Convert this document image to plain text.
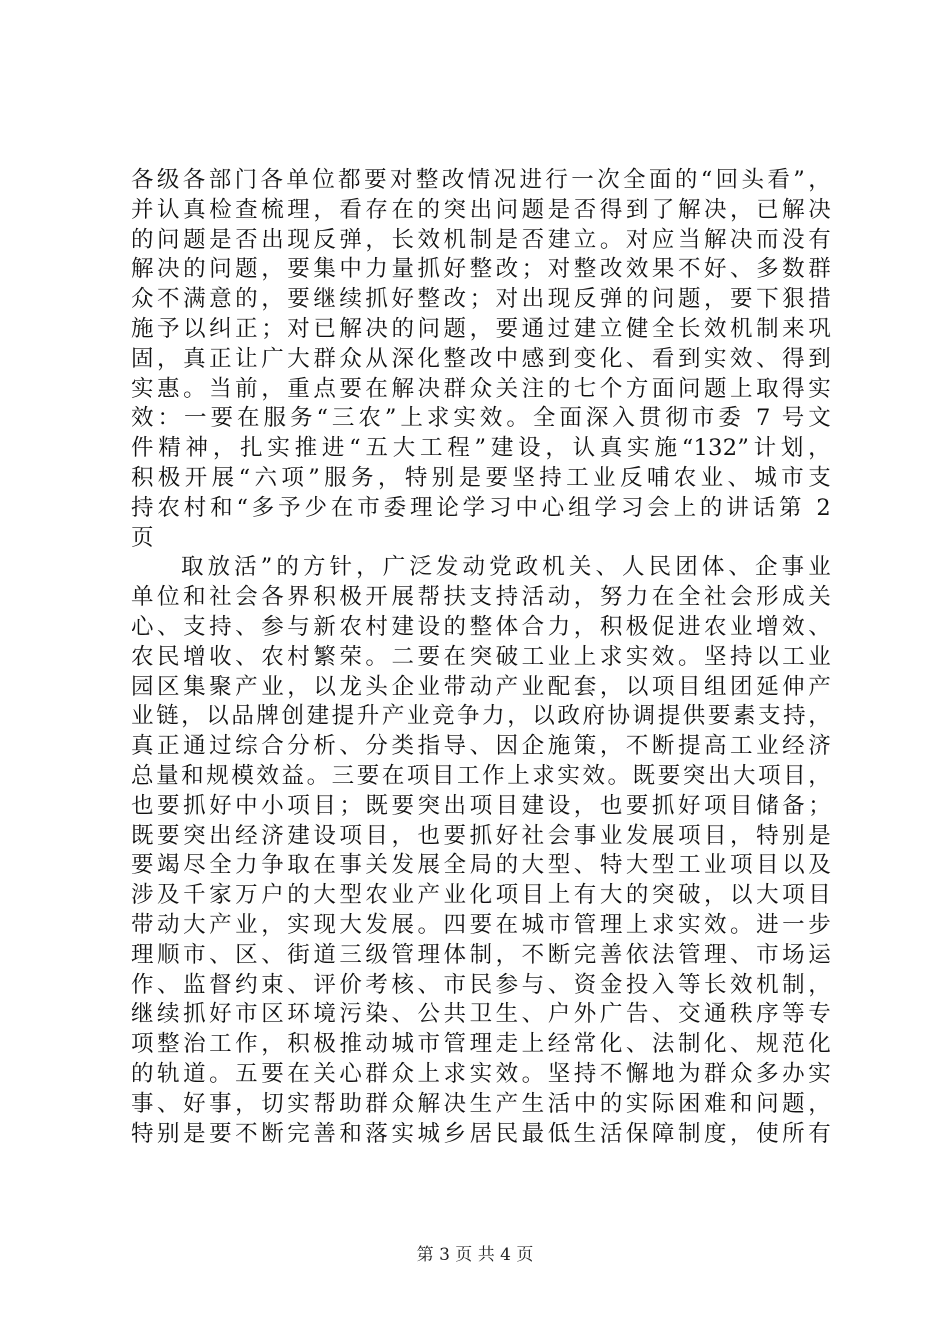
各级各部门各单位都要对整改情况进行一次全面的“回头看”，
并认真检查梳理，看存在的突出问题是否得到了解决，已解决
的问题是否出现反弹，长效机制是否建立。对应当解决而没有
解决的问题，要集中力量抓好整改；对整改效果不好、多数群
众不满意的，要继续抓好整改；对出现反弹的问题，要下狠措
施予以纠正；对已解决的问题，要通过建立健全长效机制来巩
固，真正让广大群众从深化整改中感到变化、看到实效、得到
实惠。当前，重点要在解决群众关注的七个方面问题上取得实
效：一要在服务“三农”上求实效。全面深入贯彻市委 7 号文
件精神，扎实推进“五大工程”建设，认真实施“132”计划，
积极开展“六项”服务，特别是要坚持工业反哺农业、城市支
持农村和“多予少在市委理论学习中心组学习会上的讲话第 2
页
取放活”的方针，广泛发动党政机关、人民团体、企事业
单位和社会各界积极开展帮扶支持活动，努力在全社会形成关
心、支持、参与新农村建设的整体合力，积极促进农业增效、
农民增收、农村繁荣。二要在突破工业上求实效。坚持以工业
园区集聚产业，以龙头企业带动产业配套，以项目组团延伸产
业链，以品牌创建提升产业竞争力，以政府协调提供要素支持，
真正通过综合分析、分类指导、因企施策，不断提高工业经济
总量和规模效益。三要在项目工作上求实效。既要突出大项目，
也要抓好中小项目；既要突出项目建设，也要抓好项目储备；
既要突出经济建设项目，也要抓好社会事业发展项目，特别是
要竭尽全力争取在事关发展全局的大型、特大型工业项目以及
涉及千家万户的大型农业产业化项目上有大的突破，以大项目
带动大产业，实现大发展。四要在城市管理上求实效。进一步
理顺市、区、街道三级管理体制，不断完善依法管理、市场运
作、监督约束、评价考核、市民参与、资金投入等长效机制，
继续抓好市区环境污染、公共卫生、户外广告、交通秩序等专
项整治工作，积极推动城市管理走上经常化、法制化、规范化
的轨道。五要在关心群众上求实效。坚持不懈地为群众多办实
事、好事，切实帮助群众解决生产生活中的实际困难和问题，
特别是要不断完善和落实城乡居民最低生活保障制度，使所有
第 3 页 共 4 页
